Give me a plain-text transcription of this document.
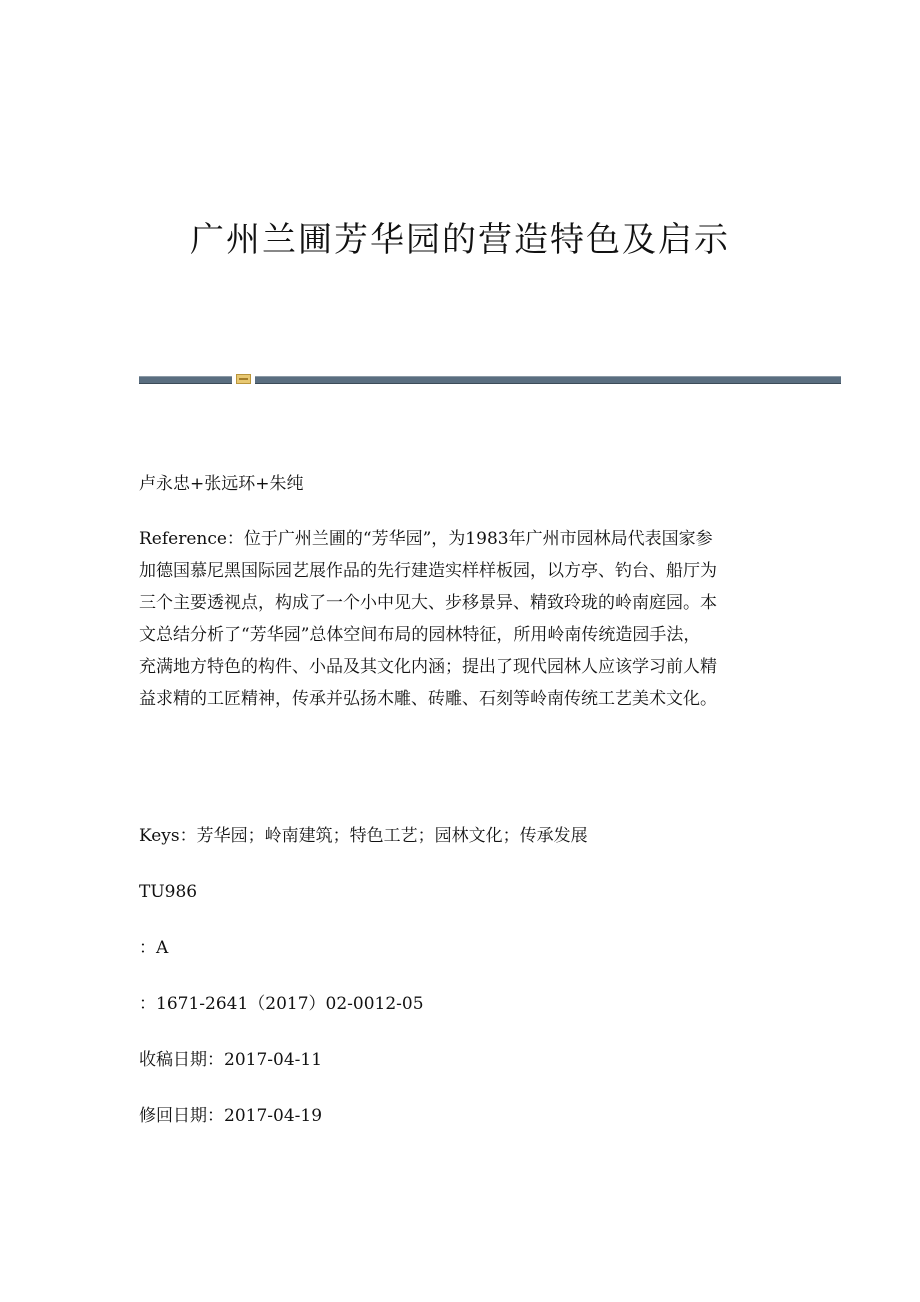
广州兰圃芳华园的营造特色及启示

卢永忠+张远环+朱纯

Reference：位于广州兰圃的“芳华园”，为1983年广州市园林局代表国家参

加德国慕尼黑国际园艺展作品的先行建造实样样板园，以方亭、钓台、船厅为

三个主要透视点，构成了一个小中见大、步移景异、精致玲珑的岭南庭园。本

文总结分析了“芳华园”总体空间布局的园林特征，所用岭南传统造园手法，

充满地方特色的构件、小品及其文化内涵；提出了现代园林人应该学习前人精

益求精的工匠精神，传承并弘扬木雕、砖雕、石刻等岭南传统工艺美术文化。

Keys：芳华园；岭南建筑；特色工艺；园林文化；传承发展

TU986

：A

：1671-2641（2017）02-0012-05

收稿日期：2017-04-11

修回日期：2017-04-19
